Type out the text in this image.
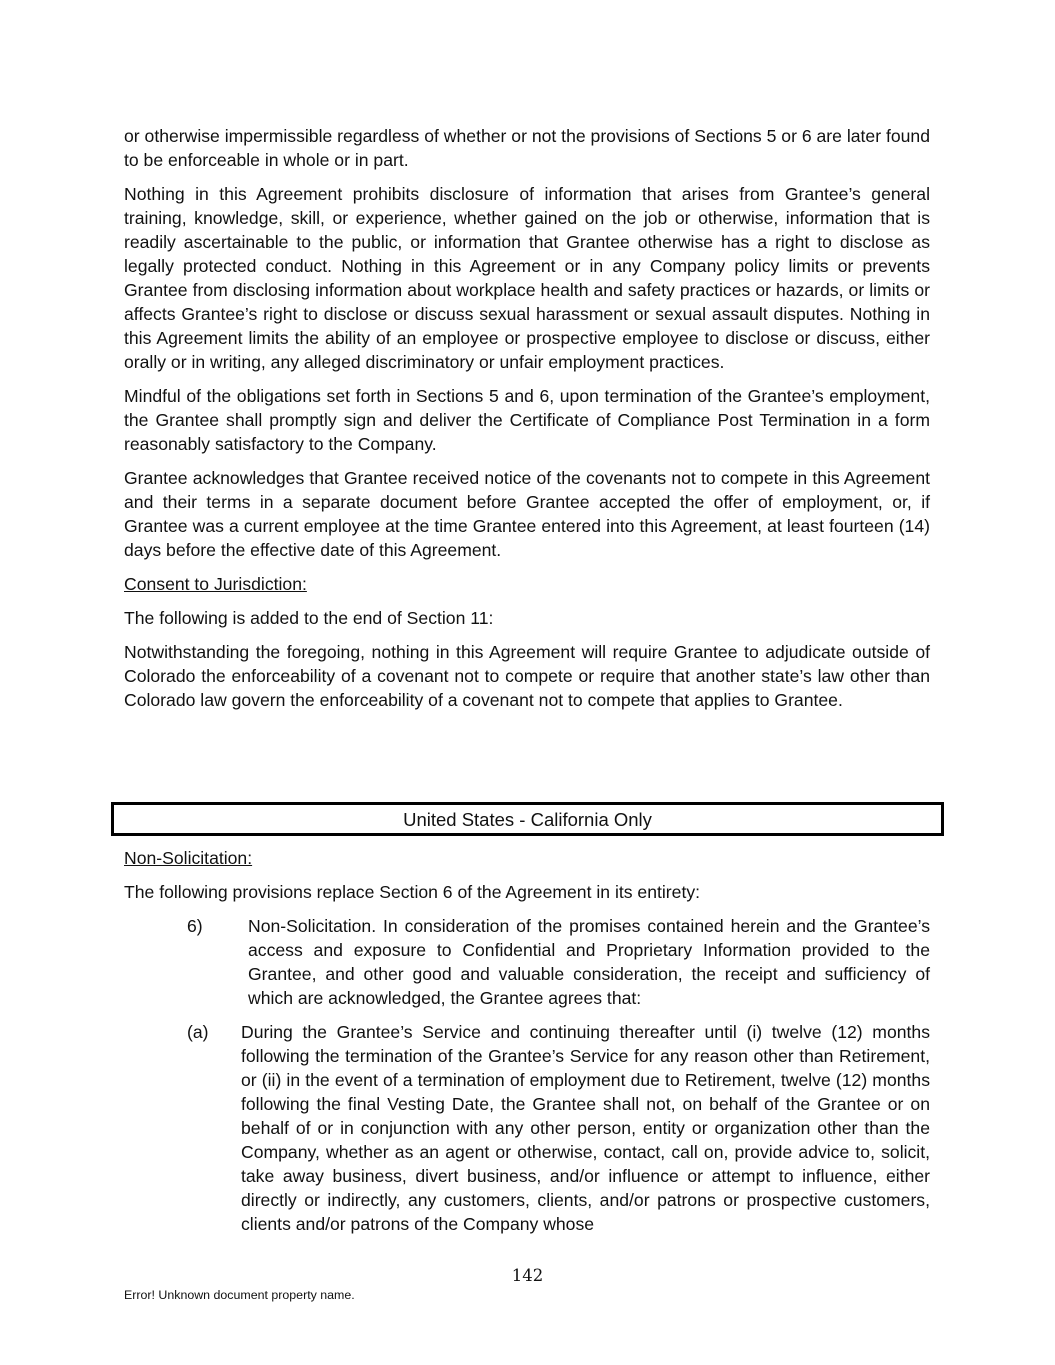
or otherwise impermissible regardless of whether or not the provisions of Sections 5 or 6 are later found to be enforceable in whole or in part.

Nothing in this Agreement prohibits disclosure of information that arises from Grantee’s general training, knowledge, skill, or experience, whether gained on the job or otherwise, information that is readily ascertainable to the public, or information that Grantee otherwise has a right to disclose as legally protected conduct. Nothing in this Agreement or in any Company policy limits or prevents Grantee from disclosing information about workplace health and safety practices or hazards, or limits or affects Grantee’s right to disclose or discuss sexual harassment or sexual assault disputes. Nothing in this Agreement limits the ability of an employee or prospective employee to disclose or discuss, either orally or in writing, any alleged discriminatory or unfair employment practices.

Mindful of the obligations set forth in Sections 5 and 6, upon termination of the Grantee’s employment, the Grantee shall promptly sign and deliver the Certificate of Compliance Post Termination in a form reasonably satisfactory to the Company.

Grantee acknowledges that Grantee received notice of the covenants not to compete in this Agreement and their terms in a separate document before Grantee accepted the offer of employment, or, if Grantee was a current employee at the time Grantee entered into this Agreement, at least fourteen (14) days before the effective date of this Agreement.

Consent to Jurisdiction:

The following is added to the end of Section 11:

Notwithstanding the foregoing, nothing in this Agreement will require Grantee to adjudicate outside of Colorado the enforceability of a covenant not to compete or require that another state’s law other than Colorado law govern the enforceability of a covenant not to compete that applies to Grantee.

United States - California Only

Non-Solicitation:

The following provisions replace Section 6 of the Agreement in its entirety:

6)	Non-Solicitation. In consideration of the promises contained herein and the Grantee’s access and exposure to Confidential and Proprietary Information provided to the Grantee, and other good and valuable consideration, the receipt and sufficiency of which are acknowledged, the Grantee agrees that:
(a) During the Grantee’s Service and continuing thereafter until (i) twelve (12) months following the termination of the Grantee’s Service for any reason other than Retirement, or (ii) in the event of a termination of employment due to Retirement, twelve (12) months following the final Vesting Date, the Grantee shall not, on behalf of the Grantee or on behalf of or in conjunction with any other person, entity or organization other than the Company, whether as an agent or otherwise, contact, call on, provide advice to, solicit, take away business, divert business, and/or influence or attempt to influence, either directly or indirectly, any customers, clients, and/or patrons or prospective customers, clients and/or patrons of the Company whose
142
Error! Unknown document property name.
